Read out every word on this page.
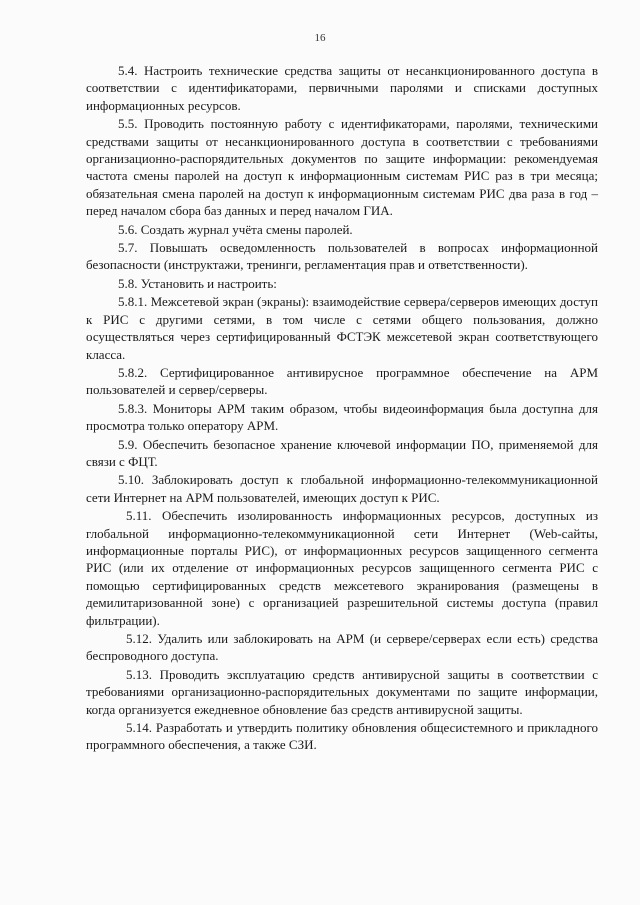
16

5.4. Настроить технические средства защиты от несанкционированного доступа в соответствии с идентификаторами, первичными паролями и списками доступных информационных ресурсов.

5.5. Проводить постоянную работу с идентификаторами, паролями, техническими средствами защиты от несанкционированного доступа в соответствии с требованиями организационно-распорядительных документов по защите информации: рекомендуемая частота смены паролей на доступ к информационным системам РИС раз в три месяца; обязательная смена паролей на доступ к информационным системам РИС два раза в год – перед началом сбора баз данных и перед началом ГИА.

5.6. Создать журнал учёта смены паролей.

5.7. Повышать осведомленность пользователей в вопросах информационной безопасности (инструктажи, тренинги, регламентация прав и ответственности).

5.8. Установить и настроить:

5.8.1. Межсетевой экран (экраны): взаимодействие сервера/серверов имеющих доступ к РИС с другими сетями, в том числе с сетями общего пользования, должно осуществляться через сертифицированный ФСТЭК межсетевой экран соответствующего класса.

5.8.2. Сертифицированное антивирусное программное обеспечение на АРМ пользователей и сервер/серверы.

5.8.3. Мониторы АРМ таким образом, чтобы видеоинформация была доступна для просмотра только оператору АРМ.

5.9. Обеспечить безопасное хранение ключевой информации ПО, применяемой для связи с ФЦТ.

5.10. Заблокировать доступ к глобальной информационно-телекоммуникационной сети Интернет на АРМ пользователей, имеющих доступ к РИС.

5.11. Обеспечить изолированность информационных ресурсов, доступных из глобальной информационно-телекоммуникационной сети Интернет (Web-сайты, информационные порталы РИС), от информационных ресурсов защищенного сегмента РИС (или их отделение от информационных ресурсов защищенного сегмента РИС с помощью сертифицированных средств межсетевого экранирования (размещены в демилитаризованной зоне) с организацией разрешительной системы доступа (правил фильтрации).

5.12. Удалить или заблокировать на АРМ (и сервере/серверах если есть) средства беспроводного доступа.

5.13. Проводить эксплуатацию средств антивирусной защиты в соответствии с требованиями организационно-распорядительных документами по защите информации, когда организуется ежедневное обновление баз средств антивирусной защиты.

5.14. Разработать и утвердить политику обновления общесистемного и прикладного программного обеспечения, а также СЗИ.
